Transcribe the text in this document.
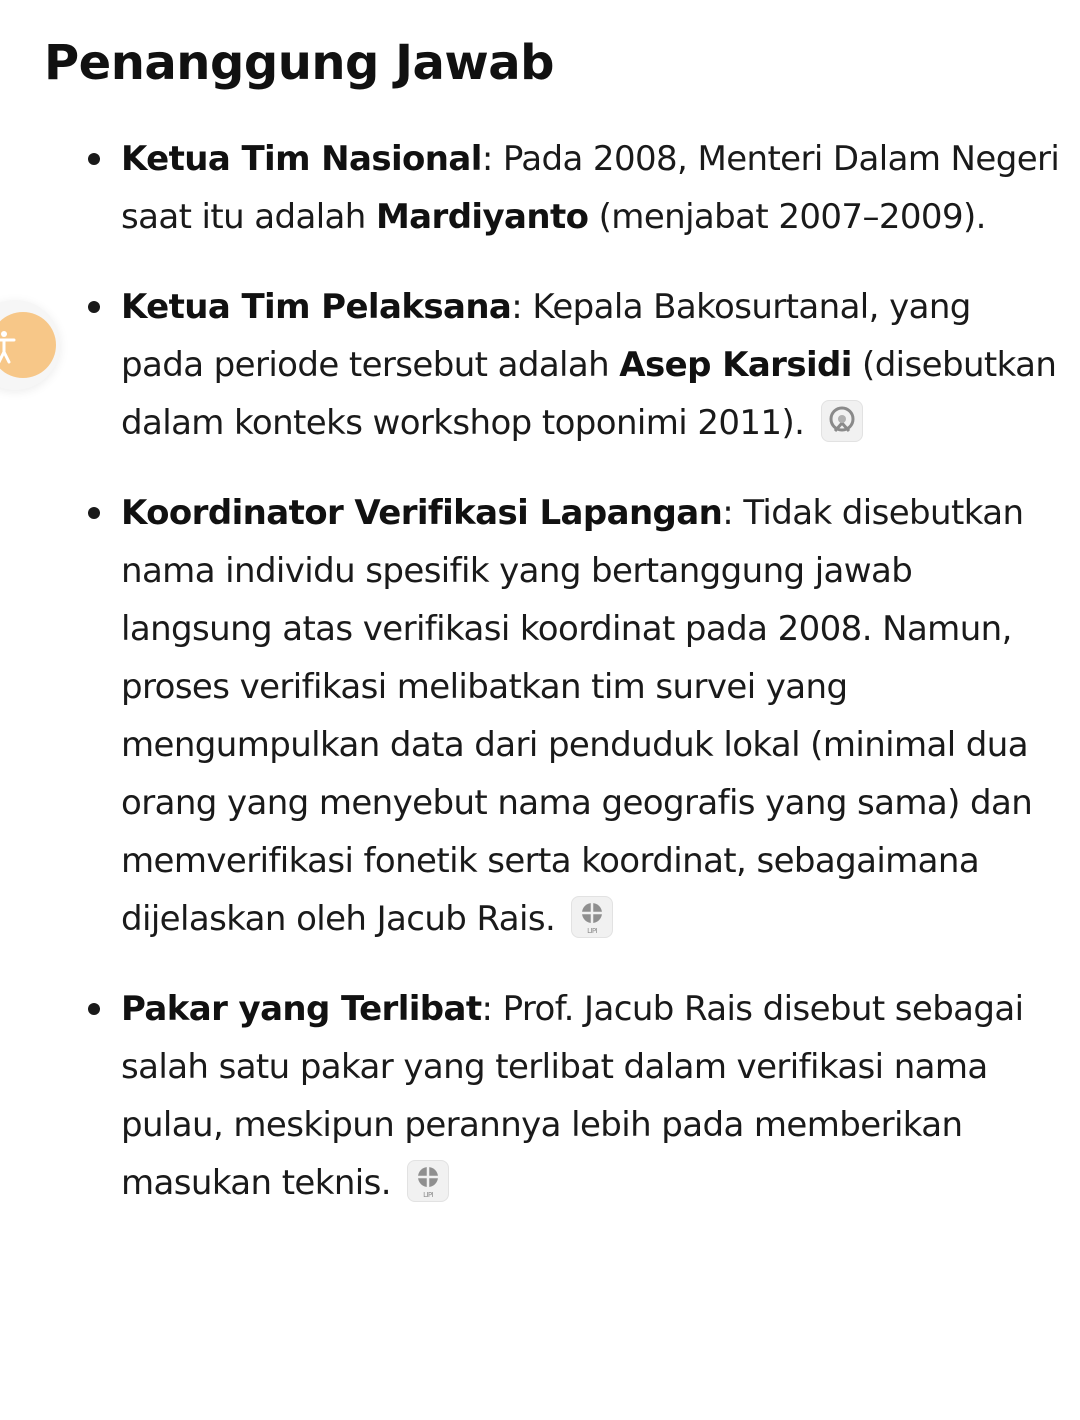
Penanggung Jawab
Ketua Tim Nasional: Pada 2008, Menteri Dalam Negeri saat itu adalah Mardiyanto (menjabat 2007–2009).
Ketua Tim Pelaksana: Kepala Bakosurtanal, yang pada periode tersebut adalah Asep Karsidi (disebutkan dalam konteks workshop toponimi 2011).
Koordinator Verifikasi Lapangan: Tidak disebutkan nama individu spesifik yang bertanggung jawab langsung atas verifikasi koordinat pada 2008. Namun, proses verifikasi melibatkan tim survei yang mengumpulkan data dari penduduk lokal (minimal dua orang yang menyebut nama geografis yang sama) dan memverifikasi fonetik serta koordinat, sebagaimana dijelaskan oleh Jacub Rais.	LIPI
Pakar yang Terlibat: Prof. Jacub Rais disebut sebagai salah satu pakar yang terlibat dalam verifikasi nama pulau, meskipun perannya lebih pada memberikan masukan teknis.	LIPI
